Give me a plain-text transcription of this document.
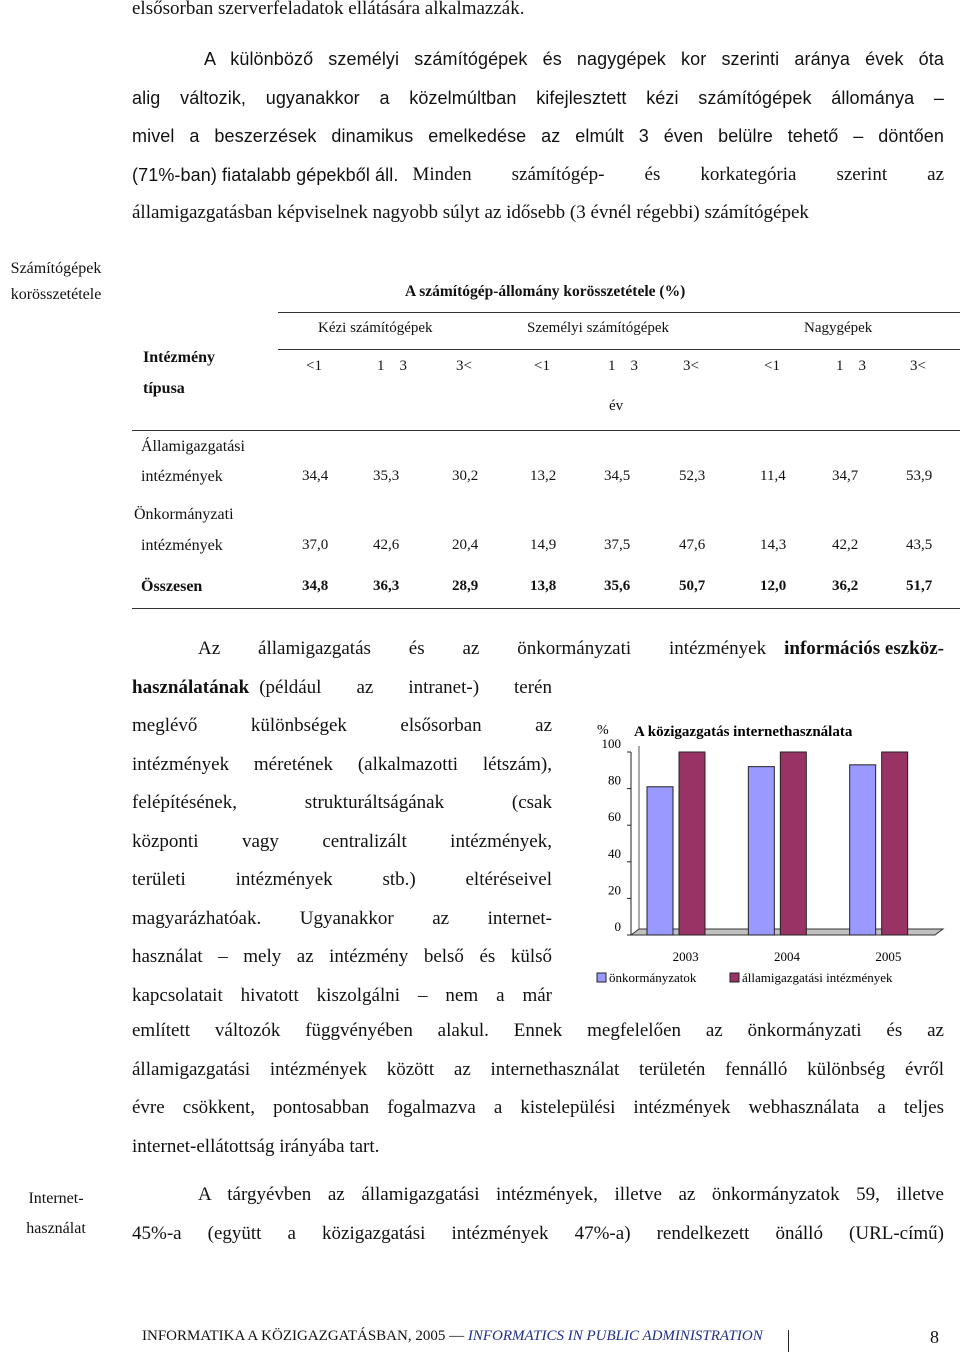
elsősorban szerverfeladatok ellátására alkalmazzák.
A különböző személyi számítógépek és nagygépek kor szerinti aránya évek óta
alig változik, ugyanakkor a közelmúltban kifejlesztett kézi számítógépek állománya –
mivel a beszerzések dinamikus emelkedése az elmúlt 3 éven belülre tehető – döntően
(71%-ban) fiatalabb gépekből áll. Minden számítógép- és korkategória szerint az
államigazgatásban képviselnek nagyobb súlyt az idősebb (3 évnél régebbi) számítógépek
Számítógépek
korösszetétele	A számítógép-állomány korösszetétele (%)
Intézmény
típusa
Kézi számítógépek	Személyi számítógépek	Nagygépek
<1	1  3	3<	<1	1  3	3<	<1	1  3	3<
év
Államigazgatási
intézmények	34,4	35,3	30,2	13,2	34,5	52,3	11,4	34,7	53,9
Önkormányzati
intézmények	37,0	42,6	20,4	14,9	37,5	47,6	14,3	42,2	43,5
Összesen	34,8	36,3	28,9	13,8	35,6	50,7	12,0	36,2	51,7
Az államigazgatás és az önkormányzati intézmények információs eszköz-
használatának (például az intranet-) terén
meglévő különbségek elsősorban az
intézmények méretének (alkalmazotti létszám),
felépítésének, strukturáltságának (csak
központi vagy centralizált intézmények,
területi intézmények stb.) eltéréseivel
magyarázhatóak. Ugyanakkor az internet-
használat – mely az intézmény belső és külső
kapcsolatait hivatott kiszolgálni – nem a már
említett változók függvényében alakul. Ennek megfelelően az önkormányzati és az
államigazgatási intézmények között az internethasználat területén fennálló különbség évről
évre csökkent, pontosabban fogalmazva a kistelepülési intézmények webhasználata a teljes
internet-ellátottság irányába tart.
% A közigazgatás internethasználata
0
20
40
60
80
100
2003	2004	2005
önkormányzatok	államigazgatási intézmények
Internet-
használat
A tárgyévben az államigazgatási intézmények, illetve az önkormányzatok 59, illetve
45%-a (együtt a közigazgatási intézmények 47%-a) rendelkezett önálló (URL-című)
INFORMATIKA A KÖZIGAZGATÁSBAN, 2005 — INFORMATICS IN PUBLIC ADMINISTRATION	8
